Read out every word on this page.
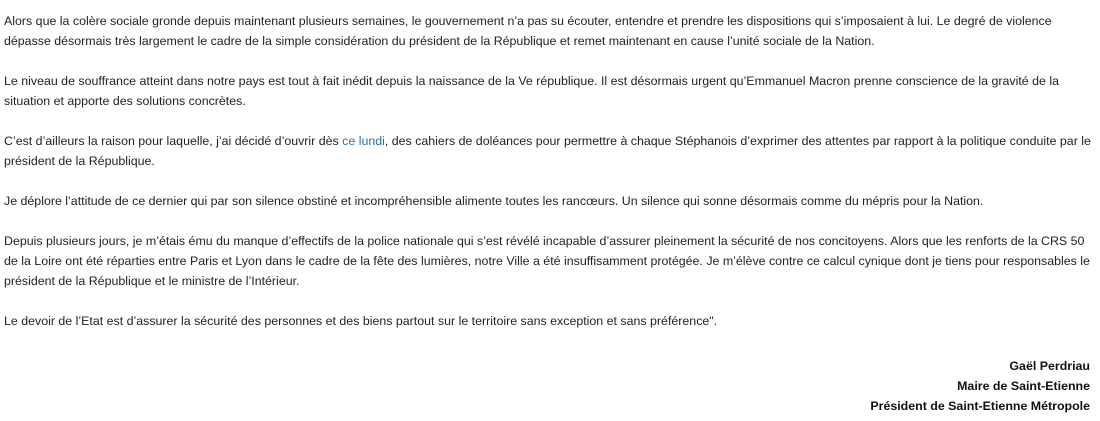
Alors que la colère sociale gronde depuis maintenant plusieurs semaines, le gouvernement n’a pas su écouter, entendre et prendre les dispositions qui s’imposaient à lui. Le degré de violence dépasse désormais très largement le cadre de la simple considération du président de la République et remet maintenant en cause l’unité sociale de la Nation.

Le niveau de souffrance atteint dans notre pays est tout à fait inédit depuis la naissance de la Ve république. Il est désormais urgent qu’Emmanuel Macron prenne conscience de la gravité de la situation et apporte des solutions concrètes.

C’est d’ailleurs la raison pour laquelle, j’ai décidé d’ouvrir dès ce lundi, des cahiers de doléances pour permettre à chaque Stéphanois d’exprimer des attentes par rapport à la politique conduite par le président de la République.

Je déplore l’attitude de ce dernier qui par son silence obstiné et incompréhensible alimente toutes les rancœurs. Un silence qui sonne désormais comme du mépris pour la Nation.

Depuis plusieurs jours, je m’étais ému du manque d’effectifs de la police nationale qui s’est révélé incapable d’assurer pleinement la sécurité de nos concitoyens. Alors que les renforts de la CRS 50 de la Loire ont été réparties entre Paris et Lyon dans le cadre de la fête des lumières, notre Ville a été insuffisamment protégée. Je m’élève contre ce calcul cynique dont je tiens pour responsables le président de la République et le ministre de l’Intérieur.

Le devoir de l’Etat est d’assurer la sécurité des personnes et des biens partout sur le territoire sans exception et sans préférence".

Gaël Perdriau
Maire de Saint-Etienne
Président de Saint-Etienne Métropole
